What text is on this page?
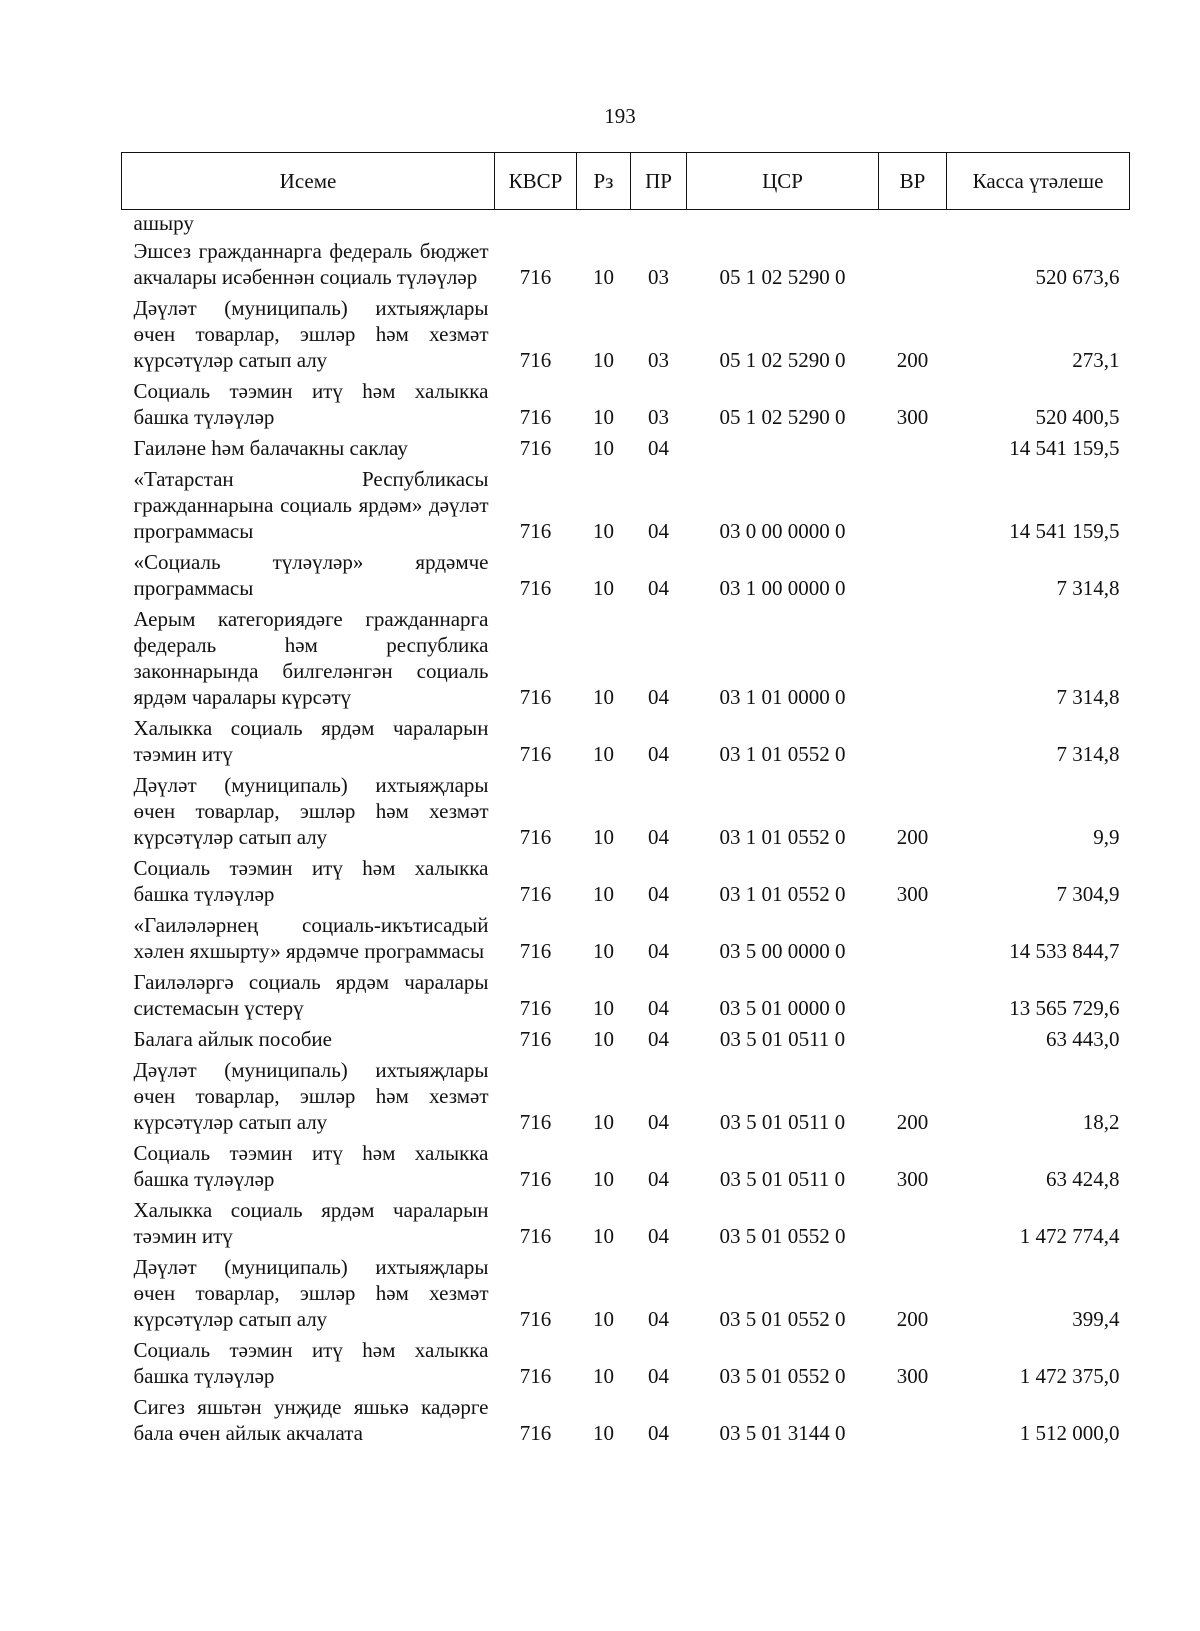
193
Исеме	КВСР	Рз	ПР	ЦСР	ВР	Касса үтәлеше
ашыру						
Эшсез гражданнарга федераль бюджет акчалары исәбеннән социаль түләүләр	716	10	03	05 1 02 5290 0		520 673,6
Дәүләт (муниципаль) ихтыяҗлары өчен товарлар, эшләр һәм хезмәт күрсәтүләр сатып алу	716	10	03	05 1 02 5290 0	200	273,1
Социаль тәэмин итү һәм халыкка башка түләүләр	716	10	03	05 1 02 5290 0	300	520 400,5
Гаиләне һәм балачакны саклау	716	10	04			14 541 159,5
«Татарстан Республикасы гражданнарына социаль ярдәм» дәүләт программасы	716	10	04	03 0 00 0000 0		14 541 159,5
«Социаль түләүләр» ярдәмче программасы	716	10	04	03 1 00 0000 0		7 314,8
Аерым категориядәге гражданнарга федераль һәм республика законнарында билгеләнгән социаль ярдәм чаралары күрсәтү	716	10	04	03 1 01 0000 0		7 314,8
Халыкка социаль ярдәм чараларын тәэмин итү	716	10	04	03 1 01 0552 0		7 314,8
Дәүләт (муниципаль) ихтыяҗлары өчен товарлар, эшләр һәм хезмәт күрсәтүләр сатып алу	716	10	04	03 1 01 0552 0	200	9,9
Социаль тәэмин итү һәм халыкка башка түләүләр	716	10	04	03 1 01 0552 0	300	7 304,9
«Гаиләләрнең социаль-икътисадый хәлен яхшырту» ярдәмче программасы	716	10	04	03 5 00 0000 0		14 533 844,7
Гаиләләргә социаль ярдәм чаралары системасын үстерү	716	10	04	03 5 01 0000 0		13 565 729,6
Балага айлык пособие	716	10	04	03 5 01 0511 0		63 443,0
Дәүләт (муниципаль) ихтыяҗлары өчен товарлар, эшләр һәм хезмәт күрсәтүләр сатып алу	716	10	04	03 5 01 0511 0	200	18,2
Социаль тәэмин итү һәм халыкка башка түләүләр	716	10	04	03 5 01 0511 0	300	63 424,8
Халыкка социаль ярдәм чараларын тәэмин итү	716	10	04	03 5 01 0552 0		1 472 774,4
Дәүләт (муниципаль) ихтыяҗлары өчен товарлар, эшләр һәм хезмәт күрсәтүләр сатып алу	716	10	04	03 5 01 0552 0	200	399,4
Социаль тәэмин итү һәм халыкка башка түләүләр	716	10	04	03 5 01 0552 0	300	1 472 375,0
Сигез яшьтән унҗиде яшькә кадәрге бала өчен айлык акчалата	716	10	04	03 5 01 3144 0		1 512 000,0
